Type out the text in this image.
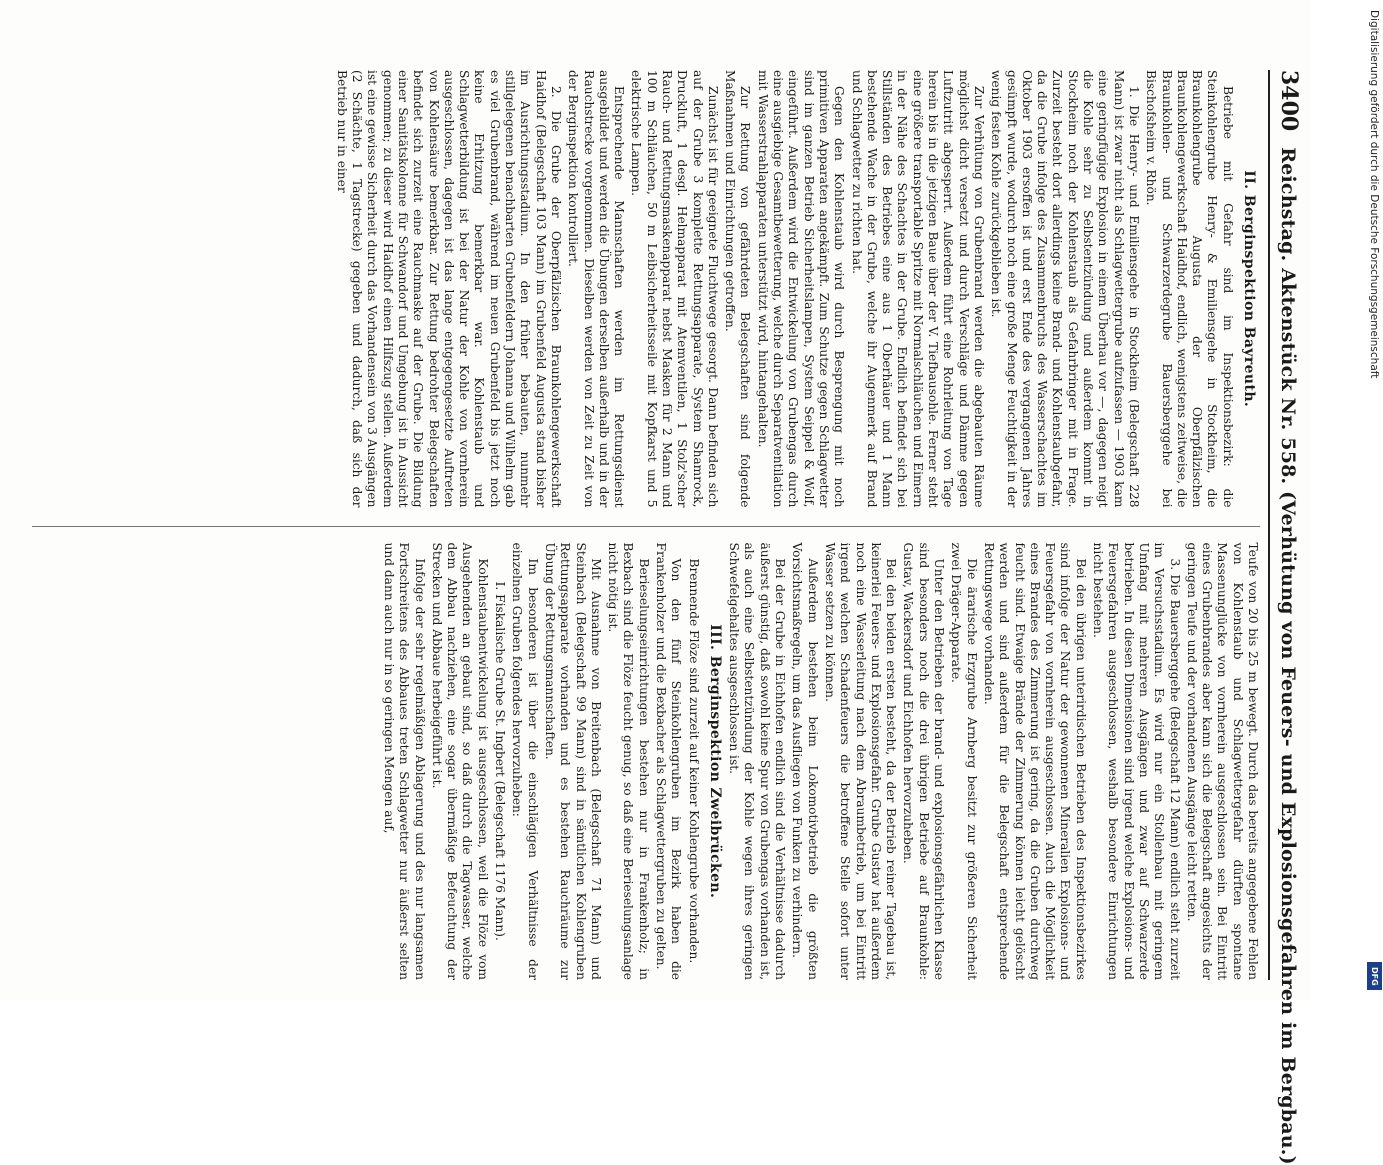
3400
Reichstag. Aktenstück Nr. 558. (Verhütung von Feuers- und Explosionsgefahren im Bergbau.)
II. Berginspektion Bayreuth.

Betriebe mit Gefahr sind im Inspektionsbezirk: die Steinkohlengrube Henry- & Emiliensgehe in Stockheim, die Braunkohlengrube Augusta der Oberpfälzischen Braunkohlengewerkschaft Haidhof, endlich, wenigstens zeitweise, die Braunkohlen- und Schwarzerdegrube Bauersberggehe bei Bischofsheim v. Rhön.

1. Die Henry- und Emiliensgehe in Stockheim (Belegschaft 228 Mann) ist zwar nicht als Schlagwettergrube aufzufassen — 1903 kam eine geringfügige Explosion in einem Überhau vor —, dagegen neigt die Kohle sehr zu Selbstentzündung und außerdem kommt in Stockheim noch der Kohlenstaub als Gefahrbringer mit in Frage. Zurzeit besteht dort allerdings keine Brand- und Kohlenstaubgefahr, da die Grube infolge des Zusammenbruchs des Wasserschachtes im Oktober 1903 ersoffen ist und erst Ende des vergangenen Jahres gesümpft wurde, wodurch noch eine große Menge Feuchtigkeit in der wenig festen Kohle zurückgeblieben ist.

Zur Verhütung von Grubenbrand werden die abgebauten Räume möglichst dicht versetzt und durch Verschläge und Dämme gegen Luftzutritt abgesperrt. Außerdem führt eine Rohrleitung von Tage herein bis in die jetzigen Baue über der V. Tiefbausohle. Ferner steht eine größere transportable Spritze mit Normalschläuchen und Eimern in der Nähe des Schachtes in der Grube. Endlich befindet sich bei Stillständen des Betriebes eine aus 1 Oberhäuer und 1 Mann bestehende Wache in der Grube, welche ihr Augenmerk auf Brand und Schlagwetter zu richten hat.

Gegen den Kohlenstaub wird durch Besprengung mit noch primitiven Apparaten angekämpft. Zum Schutze gegen Schlagwetter sind im ganzen Betrieb Sicherheitslampen, System Seippel & Wolf, eingeführt. Außerdem wird die Entwickelung von Grubengas durch eine ausgiebige Gesamtbewetterung, welche durch Separatventilation mit Wasserstrahlapparaten unterstützt wird, hintangehalten.

Zur Rettung von gefährdeten Belegschaften sind folgende Maßnahmen und Einrichtungen getroffen.

Zunächst ist für geeignete Fluchtwege gesorgt. Dann befinden sich auf der Grube 3 komplette Rettungsapparate, System Shamrock, Druckluft, 1 desgl. Helmapparat mit Atemventilen, 1 Stolz'scher Rauch- und Rettungsmaskenapparat nebst Masken für 2 Mann und 100 m Schläuchen, 50 m Leibsicherheitsseile mit Kopfkarst und 5 elektrische Lampen.

Entsprechende Mannschaften werden im Rettungsdienst ausgebildet und werden die Übungen derselben außerhalb und in der Rauchstrecke vorgenommen. Dieselben werden von Zeit zu Zeit von der Berginspektion kontrolliert.

2. Die Grube der Oberpfälzischen Braunkohlengewerkschaft Haidhof (Belegschaft 103 Mann) im Grubenfeld Augusta stand bisher im Ausrichtungsstadium. In den früher bebauten, nunmehr stillgelegenen benachbarten Grubenfeldern Johanna und Wilhelm gab es viel Grubenbrand, während im neuen Grubenfeld bis jetzt noch keine Erhitzung bemerkbar war. Kohlenstaub und Schlagwetterbildung ist bei der Natur der Kohle von vornherein ausgeschlossen, dagegen ist das lange entgegengesetzte Auftreten von Kohlensäure bemerkbar. Zur Rettung bedrohter Belegschaften befindet sich zurzeit eine Rauchmaske auf der Grube. Die Bildung einer Sanitätskolonne für Schwandorf und Umgebung ist in Aussicht genommen; zu dieser wird Haidhof einen Hilfszug stellen. Außerdem ist eine gewisse Sicherheit durch das Vorhandensein von 3 Ausgängen (2 Schächte, 1 Tagstrecke) gegeben und dadurch, daß sich der Betrieb nur in einer

Teufe von 20 bis 25 m bewegt. Durch das bereits angegebene Fehlen von Kohlenstaub und Schlagwettergefahr dürften spontane Massenunglücke von vornherein ausgeschlossen sein. Bei Eintritt eines Grubenbrandes aber kann sich die Belegschaft angesichts der geringen Teufe und der vorhandenen Ausgänge leicht retten.

3. Die Bauersberggehe (Belegschaft 12 Mann) endlich steht zurzeit im Versuchsstadium. Es wird nur ein Stollenbau mit geringem Umfang mit mehreren Ausgängen und zwar auf Schwarzerde betrieben. In diesen Dimensionen sind irgend welche Explosions- und Feuersgefahren ausgeschlossen, weshalb besondere Einrichtungen nicht bestehen.

Bei den übrigen unterirdischen Betrieben des Inspektionsbezirkes sind infolge der Natur der gewonnenen Mineralien Explosions- und Feuersgefahr von vornherein ausgeschlossen. Auch die Möglichkeit eines Brandes des Zimmerung ist gering, da die Gruben durchweg feucht sind. Etwaige Brände der Zimmerung können leicht gelöscht werden und sind außerdem für die Belegschaft entsprechende Rettungswege vorhanden.

Die ärarische Erzgrube Arnberg besitzt zur größeren Sicherheit zwei Dräger-Apparate.

Unter den Betrieben der brand- und explosionsgefährlichen Klasse sind besonders noch die drei übrigen Betriebe auf Braunkohle: Gustav, Wackersdorf und Eichhofen hervorzuheben.

Bei den beiden ersten besteht, da der Betrieb reiner Tagebau ist, keinerlei Feuers- und Explosionsgefahr. Grube Gustav hat außerdem noch eine Wasserleitung nach dem Abraumbetrieb, um bei Eintritt irgend welchen Schadenfeuers die betroffene Stelle sofort unter Wasser setzen zu können.

Außerdem bestehen beim Lokomotivbetrieb die größten Vorsichtsmaßregeln, um das Ausfliegen von Funken zu verhindern.

Bei der Grube in Eichhofen endlich sind die Verhältnisse dadurch äußerst günstig, daß sowohl keine Spur von Grubengas vorhanden ist, als auch eine Selbstentzündung der Kohle wegen ihres geringen Schwefelgehaltes ausgeschlossen ist.

III. Berginspektion Zweibrücken.

Brennende Flöze sind zurzeit auf keiner Kohlengrube vorhanden.

Von den fünf Steinkohlengruben im Bezirk haben die Frankenholzer und die Bexbacher als Schlagwettergruben zu gelten.

Berieselungseinrichtungen bestehen nur in Frankenholz; in Bexbach sind die Flöze feucht genug, so daß eine Berieselungsanlage nicht nötig ist.

Mit Ausnahme von Breitenbach (Belegschaft 71 Mann) und Steinbach (Belegschaft 99 Mann) sind in sämtlichen Kohlengruben Rettungsapparate vorhanden und es bestehen Rauchräume zur Übung der Rettungsmannschaften.

Im besonderen ist über die einschlägigen Verhältnisse der einzelnen Gruben folgendes hervorzuheben:

I. Fiskalische Grube St. Ingbert (Belegschaft 1176 Mann).

Kohlenstaubentwickelung ist ausgeschlossen, weil die Flöze vom Ausgehenden an gebaut sind, so daß durch die Tagwasser, welche dem Abbau nachziehen, eine sogar übermäßige Befeuchtung der Strecken und Abbaue herbeigeführt ist.

Infolge der sehr regelmäßigen Ablagerung und des nur langsamen Fortschreitens des Abbaues treten Schlagwetter nur äußerst selten und dann auch nur in so geringen Mengen auf,

Digitalisierung gefördert durch die Deutsche Forschungsgemeinschaft
DFG
